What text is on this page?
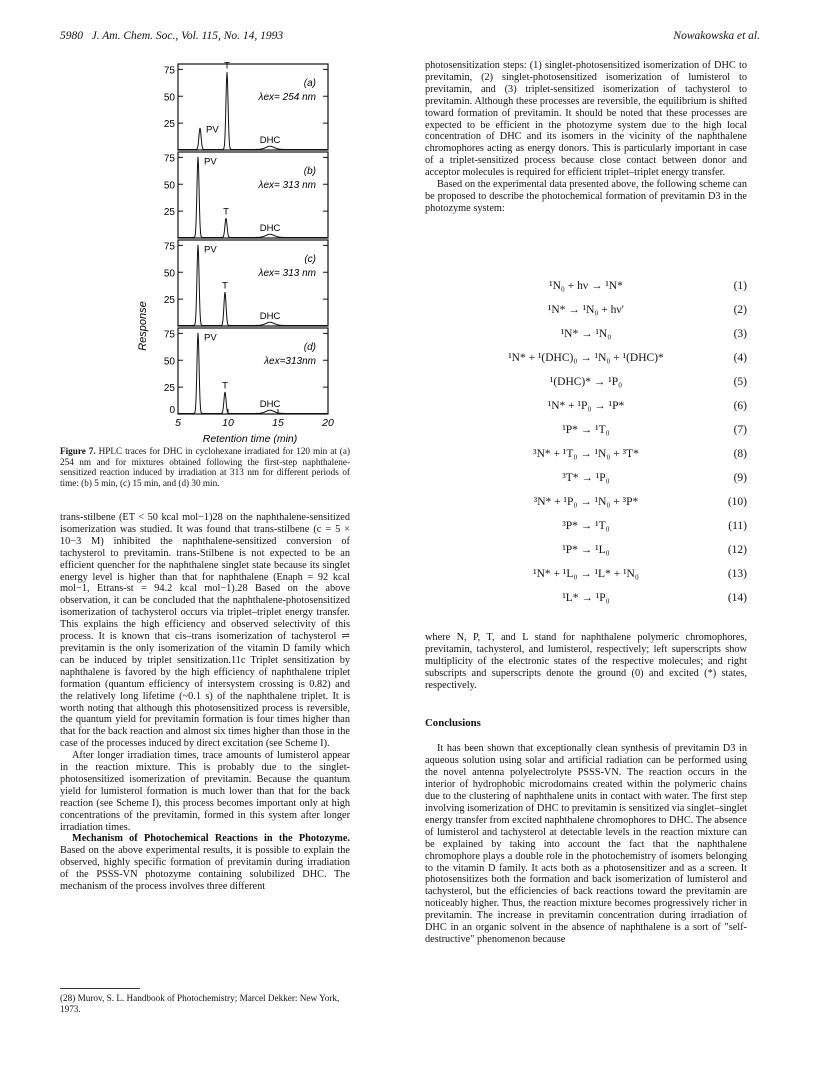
5980 J. Am. Chem. Soc., Vol. 115, No. 14, 1993	Nowakowska et al.
75
50
25	PV
T
DHC
(a)
λex= 254 nm
75
50
25
PV
T
DHC
(b)
λex= 313 nm
75
50
25
PV
T
DHC
(c)
λex= 313 nm
75
50
25
PV
T
DHC
(d)
λex=313nm
Response
0
5	10	15	20
Retention time (min)
Figure 7. HPLC traces for DHC in cyclohexane irradiated for 120 min at (a) 254 nm and for mixtures obtained following the first-step naphthalene-sensitized reaction induced by irradiation at 313 nm for different periods of time: (b) 5 min, (c) 15 min, and (d) 30 min.

trans-stilbene (ET < 50 kcal mol−1)28 on the naphthalene-sensitized isomerization was studied. It was found that trans-stilbene (c = 5 × 10−3 M) inhibited the naphthalene-sensitized conversion of tachysterol to previtamin. trans-Stilbene is not expected to be an efficient quencher for the naphthalene singlet state because its singlet energy level is higher than that for naphthalene (Enaph = 92 kcal mol−1, Etrans-st = 94.2 kcal mol−1).28 Based on the above observation, it can be concluded that the naphthalene-photosensitized isomerization of tachysterol occurs via triplet–triplet energy transfer. This explains the high efficiency and observed selectivity of this process. It is known that cis–trans isomerization of tachysterol ⇌ previtamin is the only isomerization of the vitamin D family which can be induced by triplet sensitization.11c Triplet sensitization by naphthalene is favored by the high efficiency of naphthalene triplet formation (quantum efficiency of intersystem crossing is 0.82) and the relatively long lifetime (~0.1 s) of the naphthalene triplet. It is worth noting that although this photosensitized process is reversible, the quantum yield for previtamin formation is four times higher than that for the back reaction and almost six times higher than those in the case of the processes induced by direct excitation (see Scheme I).

After longer irradiation times, trace amounts of lumisterol appear in the reaction mixture. This is probably due to the singlet-photosensitized isomerization of previtamin. Because the quantum yield for lumisterol formation is much lower than that for the back reaction (see Scheme I), this process becomes important only at high concentrations of the previtamin, formed in this system after longer irradiation times.

Mechanism of Photochemical Reactions in the Photozyme. Based on the above experimental results, it is possible to explain the observed, highly specific formation of previtamin during irradiation of the PSSS-VN photozyme containing solubilized DHC. The mechanism of the process involves three different

(28) Murov, S. L. Handbook of Photochemistry; Marcel Dekker: New York, 1973.

photosensitization steps: (1) singlet-photosensitized isomerization of DHC to previtamin, (2) singlet-photosensitized isomerization of lumisterol to previtamin, and (3) triplet-sensitized isomerization of tachysterol to previtamin. Although these processes are reversible, the equilibrium is shifted toward formation of previtamin. It should be noted that these processes are expected to be efficient in the photozyme system due to the high local concentration of DHC and its isomers in the vicinity of the naphthalene chromophores acting as energy donors. This is particularly important in case of a triplet-sensitized process because close contact between donor and acceptor molecules is required for efficient triplet–triplet energy transfer.

Based on the experimental data presented above, the following scheme can be proposed to describe the photochemical formation of previtamin D3 in the photozyme system:

¹N₀ + hν → ¹N*	(1)
¹N* → ¹N₀ + hν′	(2)
¹N* → ¹N₀	(3)
¹N* + ¹(DHC)₀ → ¹N₀ + ¹(DHC)*	(4)
¹(DHC)* → ¹P₀	(5)
¹N* + ¹P₀ → ¹P*	(6)
¹P* → ¹T₀	(7)
³N* + ¹T₀ → ¹N₀ + ³T*	(8)
³T* → ¹P₀	(9)
³N* + ¹P₀ → ¹N₀ + ³P*	(10)
³P* → ¹T₀	(11)
¹P* → ¹L₀	(12)
¹N* + ¹L₀ → ¹L* + ¹N₀	(13)
¹L* → ¹P₀	(14)

where N, P, T, and L stand for naphthalene polymeric chromophores, previtamin, tachysterol, and lumisterol, respectively; left superscripts show multiplicity of the electronic states of the respective molecules; and right subscripts and superscripts denote the ground (0) and excited (*) states, respectively.

Conclusions

It has been shown that exceptionally clean synthesis of previtamin D3 in aqueous solution using solar and artificial radiation can be performed using the novel antenna polyelectrolyte PSSS-VN. The reaction occurs in the interior of hydrophobic microdomains created within the polymeric chains due to the clustering of naphthalene units in contact with water. The first step involving isomerization of DHC to previtamin is sensitized via singlet–singlet energy transfer from excited naphthalene chromophores to DHC. The absence of lumisterol and tachysterol at detectable levels in the reaction mixture can be explained by taking into account the fact that the naphthalene chromophore plays a double role in the photochemistry of isomers belonging to the vitamin D family. It acts both as a photosensitizer and as a screen. It photosensitizes both the formation and back isomerization of lumisterol and tachysterol, but the efficiencies of back reactions toward the previtamin are noticeably higher. Thus, the reaction mixture becomes progressively richer in previtamin. The increase in previtamin concentration during irradiation of DHC in an organic solvent in the absence of naphthalene is a sort of "self-destructive" phenomenon because
